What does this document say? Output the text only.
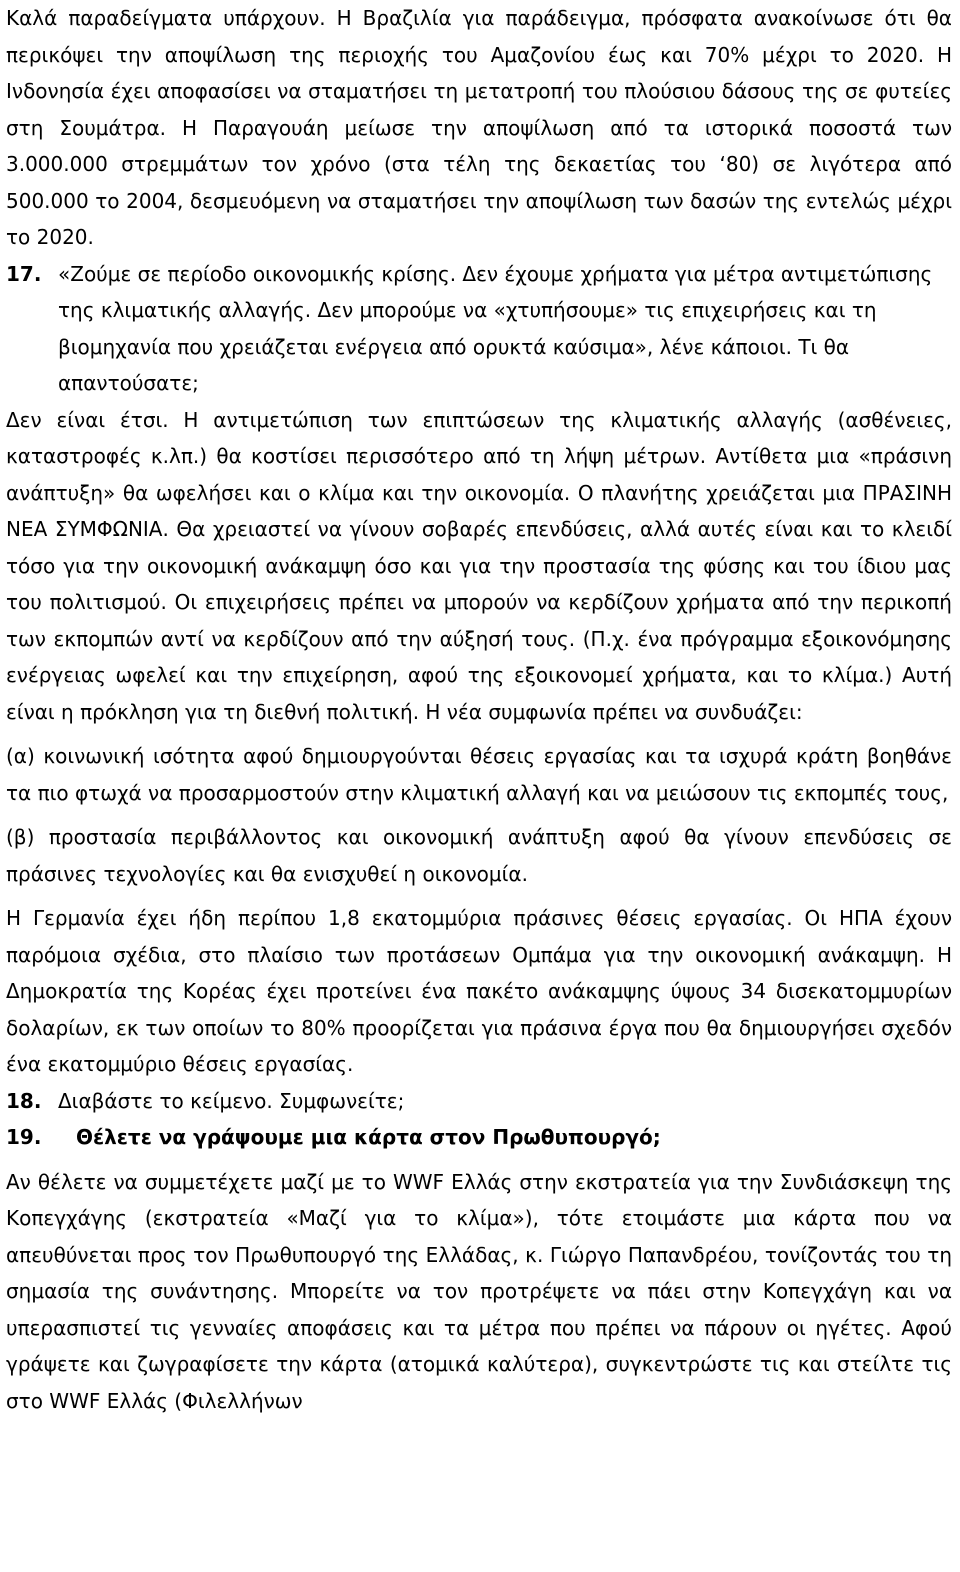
Καλά παραδείγματα υπάρχουν. Η Βραζιλία για παράδειγμα, πρόσφατα ανακοίνωσε ότι θα περικόψει την αποψίλωση της περιοχής του Αμαζονίου έως και 70% μέχρι το 2020. Η Ινδονησία έχει αποφασίσει να σταματήσει τη μετατροπή του πλούσιου δάσους της σε φυτείες στη Σουμάτρα. Η Παραγουάη μείωσε την αποψίλωση από τα ιστορικά ποσοστά των 3.000.000 στρεμμάτων τον χρόνο (στα τέλη της δεκαετίας του ‘80) σε λιγότερα από 500.000 το 2004, δεσμευόμενη να σταματήσει την αποψίλωση των δασών της εντελώς μέχρι το 2020.

17. «Ζούμε σε περίοδο οικονομικής κρίσης. Δεν έχουμε χρήματα για μέτρα αντιμετώπισης της κλιματικής αλλαγής. Δεν μπορούμε να «χτυπήσουμε» τις επιχειρήσεις και τη βιομηχανία που χρειάζεται ενέργεια από ορυκτά καύσιμα», λένε κάποιοι. Τι θα απαντούσατε;

Δεν είναι έτσι. Η αντιμετώπιση των επιπτώσεων της κλιματικής αλλαγής (ασθένειες, καταστροφές κ.λπ.) θα κοστίσει περισσότερο από τη λήψη μέτρων. Αντίθετα μια «πράσινη ανάπτυξη» θα ωφελήσει και ο κλίμα και την οικονομία. Ο πλανήτης χρειάζεται μια ΠΡΑΣΙΝΗ ΝΕΑ ΣΥΜΦΩΝΙΑ. Θα χρειαστεί να γίνουν σοβαρές επενδύσεις, αλλά αυτές είναι και το κλειδί τόσο για την οικονομική ανάκαμψη όσο και για την προστασία της φύσης και του ίδιου μας του πολιτισμού. Οι επιχειρήσεις πρέπει να μπορούν να κερδίζουν χρήματα από την περικοπή των εκπομπών αντί να κερδίζουν από την αύξησή τους. (Π.χ. ένα πρόγραμμα εξοικονόμησης ενέργειας ωφελεί και την επιχείρηση, αφού της εξοικονομεί χρήματα, και το κλίμα.) Αυτή είναι η πρόκληση για τη διεθνή πολιτική. Η νέα συμφωνία πρέπει να συνδυάζει:

(α) κοινωνική ισότητα αφού δημιουργούνται θέσεις εργασίας και τα ισχυρά κράτη βοηθάνε τα πιο φτωχά να προσαρμοστούν στην κλιματική αλλαγή και να μειώσουν τις εκπομπές τους,

(β) προστασία περιβάλλοντος και οικονομική ανάπτυξη αφού θα γίνουν επενδύσεις σε πράσινες τεχνολογίες και θα ενισχυθεί η οικονομία.

Η Γερμανία έχει ήδη περίπου 1,8 εκατομμύρια πράσινες θέσεις εργασίας. Οι ΗΠΑ έχουν παρόμοια σχέδια, στο πλαίσιο των προτάσεων Ομπάμα για την οικονομική ανάκαμψη. Η Δημοκρατία της Κορέας έχει προτείνει ένα πακέτο ανάκαμψης ύψους 34 δισεκατομμυρίων δολαρίων, εκ των οποίων το 80% προορίζεται για πράσινα έργα που θα δημιουργήσει σχεδόν ένα εκατομμύριο θέσεις εργασίας.

18. Διαβάστε το κείμενο. Συμφωνείτε;
19.	Θέλετε να γράψουμε μια κάρτα στον Πρωθυπουργό;

Αν θέλετε να συμμετέχετε μαζί με το WWF Ελλάς στην εκστρατεία για την Συνδιάσκεψη της Κοπεγχάγης (εκστρατεία «Μαζί για το κλίμα»), τότε ετοιμάστε μια κάρτα που να απευθύνεται προς τον Πρωθυπουργό της Ελλάδας, κ. Γιώργο Παπανδρέου, τονίζοντάς του τη σημασία της συνάντησης. Μπορείτε να τον προτρέψετε να πάει στην Κοπεγχάγη και να υπερασπιστεί τις γενναίες αποφάσεις και τα μέτρα που πρέπει να πάρουν οι ηγέτες. Αφού γράψετε και ζωγραφίσετε την κάρτα (ατομικά καλύτερα), συγκεντρώστε τις και στείλτε τις στο WWF Ελλάς (Φιλελλήνων
